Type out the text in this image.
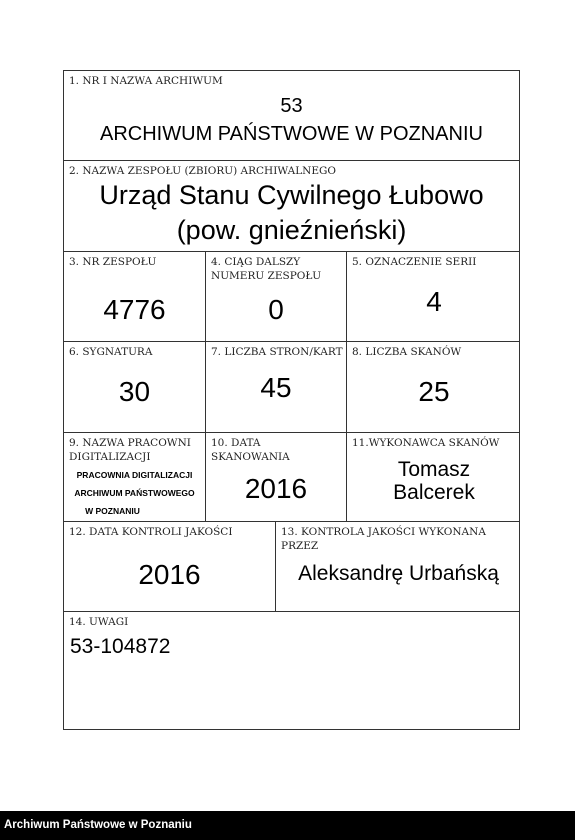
1. NR I NAZWA ARCHIWUM
53
ARCHIWUM PAŃSTWOWE W POZNANIU
2. NAZWA ZESPOŁU (ZBIORU) ARCHIWALNEGO
Urząd Stanu Cywilnego Łubowo
(pow. gnieźnieński)
3. NR ZESPOŁU
4776
4. CIĄG DALSZY
NUMERU ZESPOŁU
0
5. OZNACZENIE SERII
4
6. SYGNATURA
30
7. LICZBA STRON/KART
45
8. LICZBA SKANÓW
25
9. NAZWA PRACOWNI
DIGITALIZACJI
PRACOWNIA DIGITALIZACJI
ARCHIWUM PAŃSTWOWEGO
W POZNANIU
10. DATA
SKANOWANIA
2016
11.WYKONAWCA SKANÓW
Tomasz
Balcerek
12. DATA KONTROLI JAKOŚCI
2016
13. KONTROLA JAKOŚCI WYKONANA
PRZEZ
Aleksandrę Urbańską
14. UWAGI
53-104872
Archiwum Państwowe w Poznaniu
